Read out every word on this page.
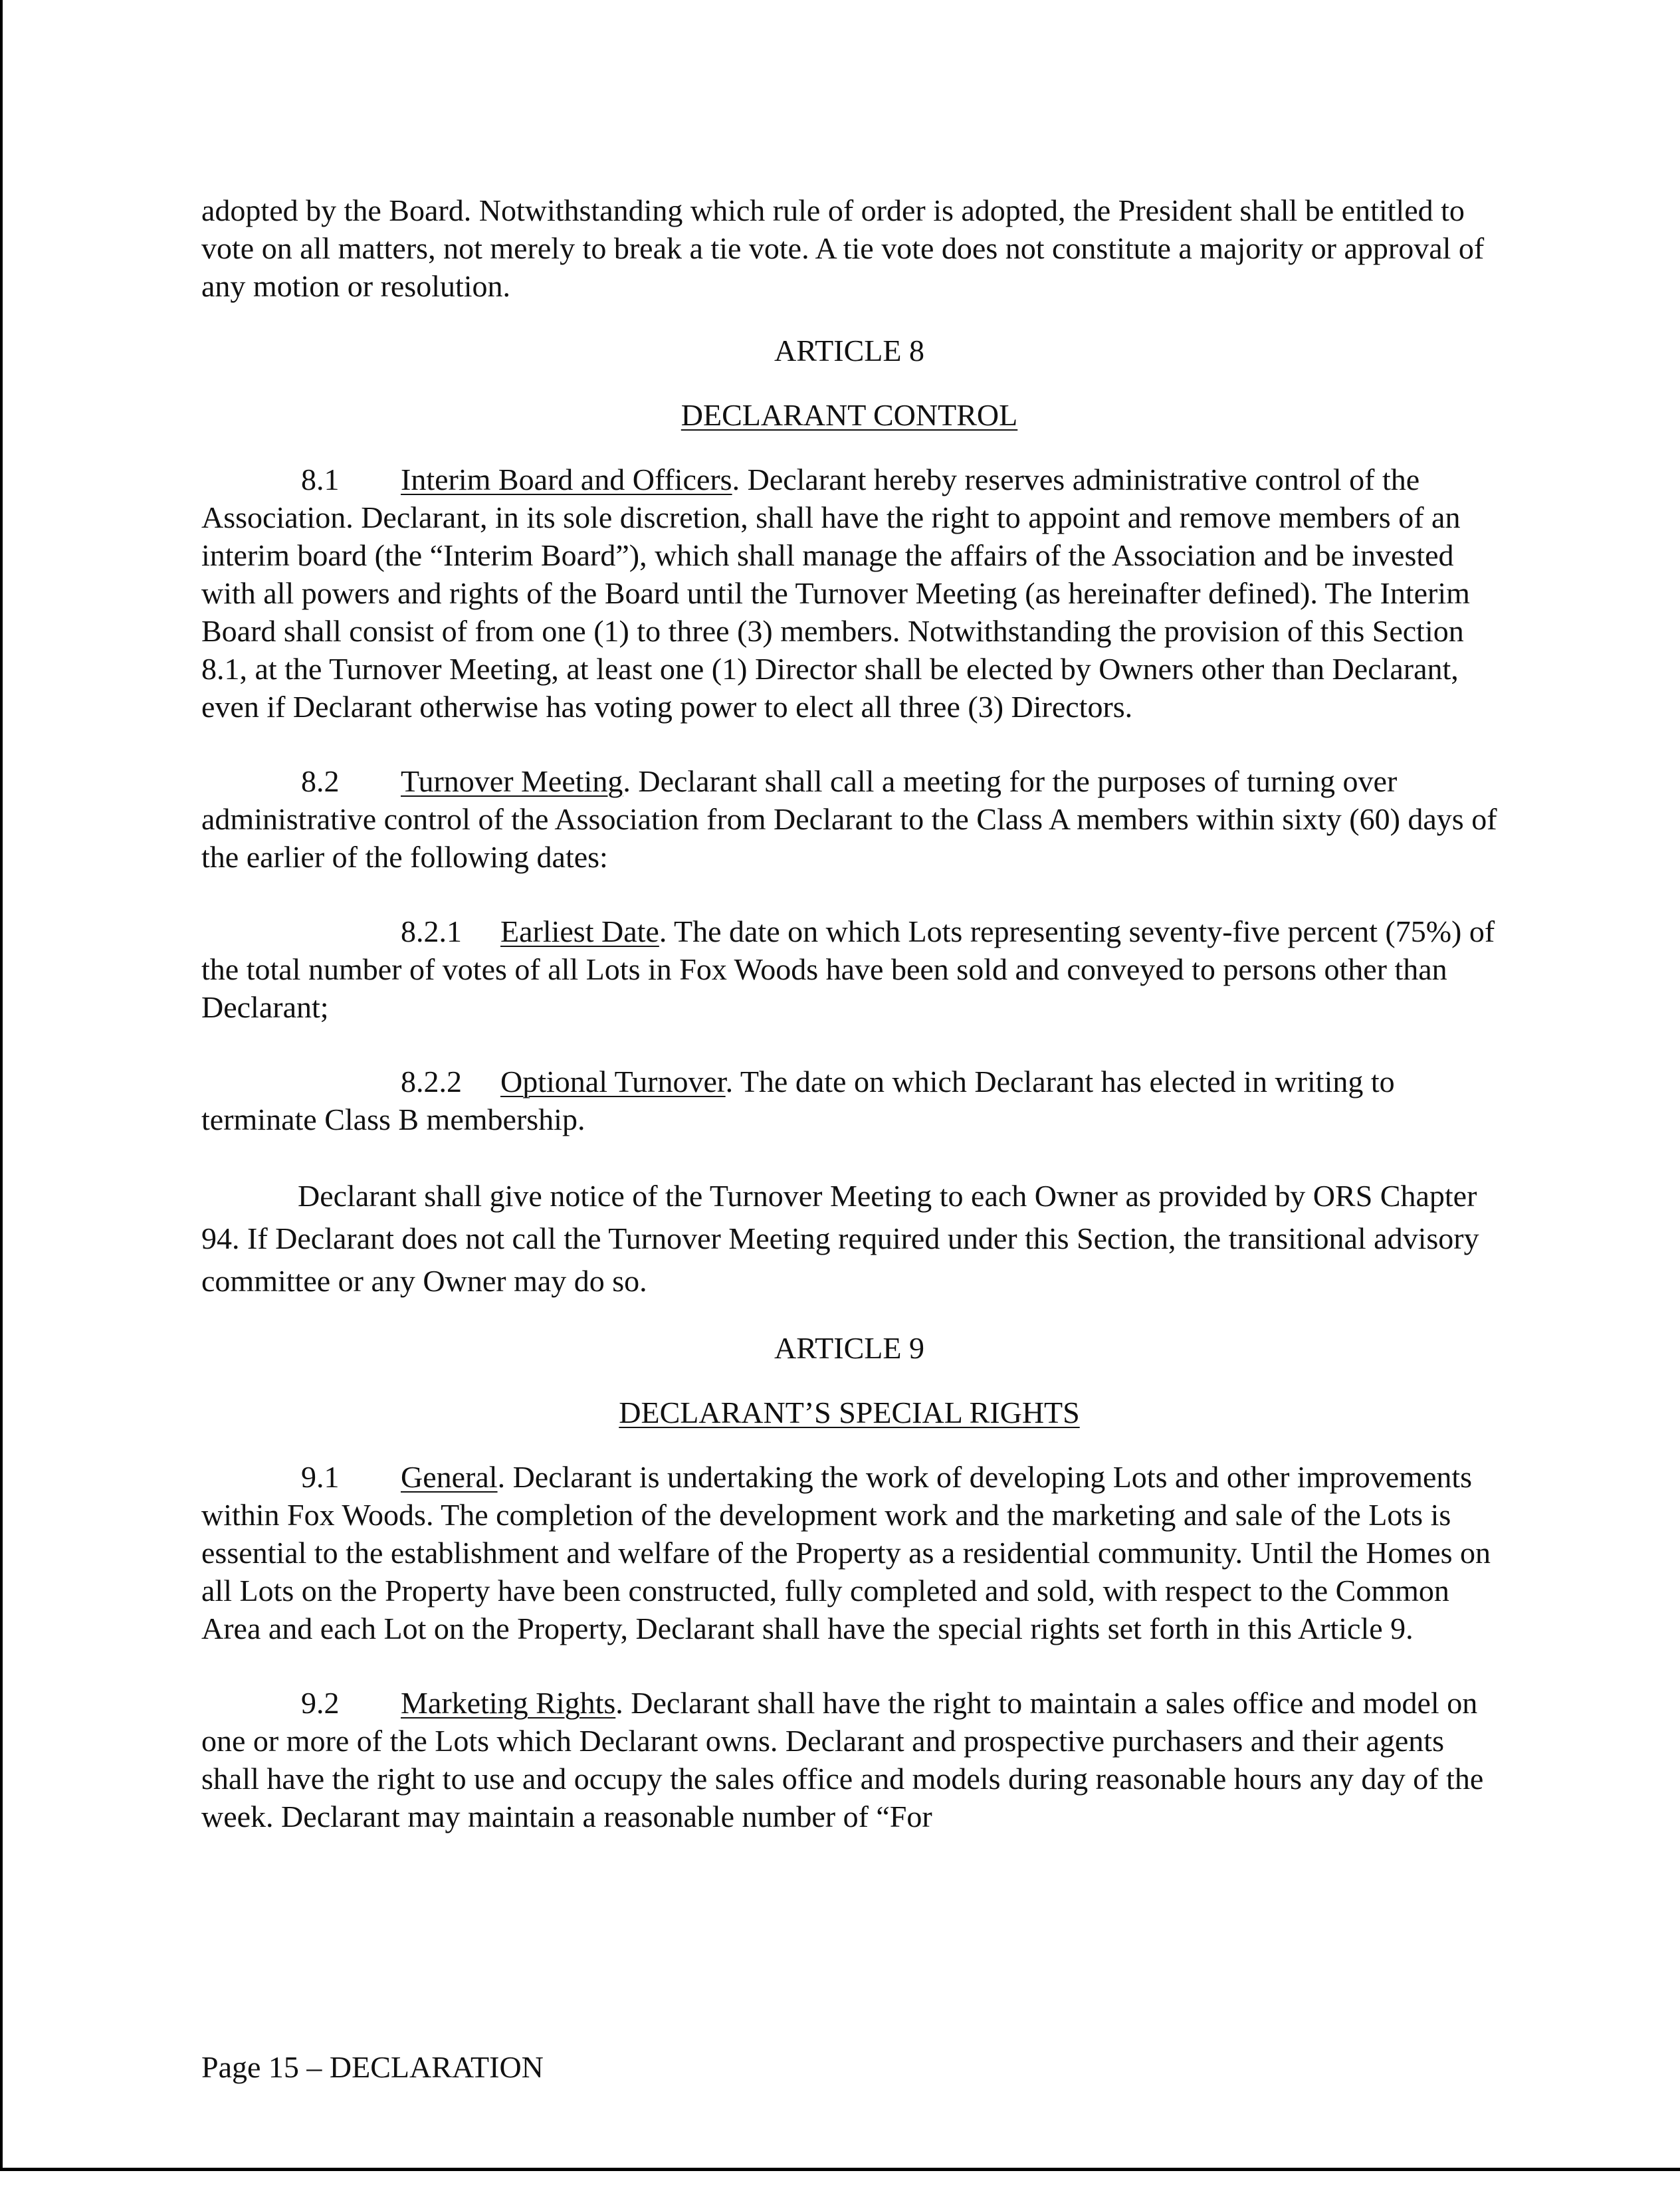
adopted by the Board. Notwithstanding which rule of order is adopted, the President shall be entitled to vote on all matters, not merely to break a tie vote. A tie vote does not constitute a majority or approval of any motion or resolution.

ARTICLE 8

DECLARANT CONTROL

8.1 Interim Board and Officers. Declarant hereby reserves administrative control of the Association. Declarant, in its sole discretion, shall have the right to appoint and remove members of an interim board (the “Interim Board”), which shall manage the affairs of the Association and be invested with all powers and rights of the Board until the Turnover Meeting (as hereinafter defined). The Interim Board shall consist of from one (1) to three (3) members. Notwithstanding the provision of this Section 8.1, at the Turnover Meeting, at least one (1) Director shall be elected by Owners other than Declarant, even if Declarant otherwise has voting power to elect all three (3) Directors.

8.2 Turnover Meeting. Declarant shall call a meeting for the purposes of turning over administrative control of the Association from Declarant to the Class A members within sixty (60) days of the earlier of the following dates:

8.2.1 Earliest Date. The date on which Lots representing seventy-five percent (75%) of the total number of votes of all Lots in Fox Woods have been sold and conveyed to persons other than Declarant;

8.2.2 Optional Turnover. The date on which Declarant has elected in writing to terminate Class B membership.

Declarant shall give notice of the Turnover Meeting to each Owner as provided by ORS Chapter 94. If Declarant does not call the Turnover Meeting required under this Section, the transitional advisory committee or any Owner may do so.

ARTICLE 9

DECLARANT’S SPECIAL RIGHTS

9.1 General. Declarant is undertaking the work of developing Lots and other improvements within Fox Woods. The completion of the development work and the marketing and sale of the Lots is essential to the establishment and welfare of the Property as a residential community. Until the Homes on all Lots on the Property have been constructed, fully completed and sold, with respect to the Common Area and each Lot on the Property, Declarant shall have the special rights set forth in this Article 9.

9.2 Marketing Rights. Declarant shall have the right to maintain a sales office and model on one or more of the Lots which Declarant owns. Declarant and prospective purchasers and their agents shall have the right to use and occupy the sales office and models during reasonable hours any day of the week. Declarant may maintain a reasonable number of “For

Page 15 – DECLARATION
